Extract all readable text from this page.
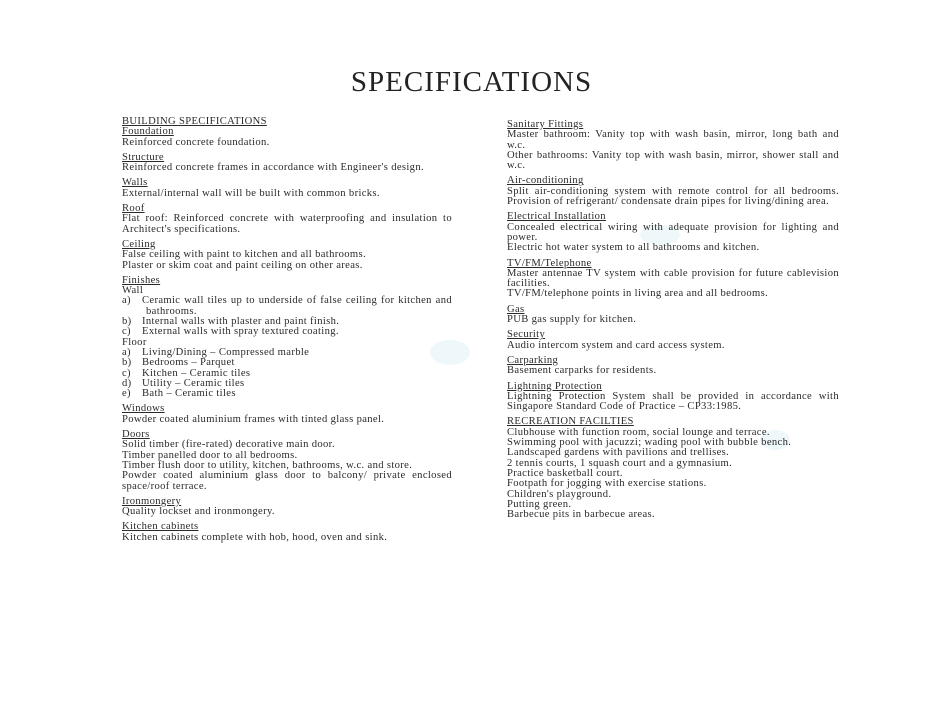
SPECIFICATIONS
BUILDING SPECIFICATIONS
Foundation
Reinforced concrete foundation.
Structure
Reinforced concrete frames in accordance with Engineer's design.
Walls
External/internal wall will be built with common bricks.
Roof
Flat roof: Reinforced concrete with waterproofing and insulation to Architect's specifications.
Ceiling
False ceiling with paint to kitchen and all bathrooms.
Plaster or skim coat and paint ceiling on other areas.
Finishes
Wall
a) Ceramic wall tiles up to underside of false ceiling for kitchen and bathrooms.
b) Internal walls with plaster and paint finish.
c) External walls with spray textured coating.
Floor
a) Living/Dining – Compressed marble
b) Bedrooms – Parquet
c) Kitchen – Ceramic tiles
d) Utility – Ceramic tiles
e) Bath – Ceramic tiles
Windows
Powder coated aluminium frames with tinted glass panel.
Doors
Solid timber (fire-rated) decorative main door.
Timber panelled door to all bedrooms.
Timber flush door to utility, kitchen, bathrooms, w.c. and store.
Powder coated aluminium glass door to balcony/ private enclosed space/roof terrace.
Ironmongery
Quality lockset and ironmongery.
Kitchen cabinets
Kitchen cabinets complete with hob, hood, oven and sink.
Sanitary Fittings
Master bathroom: Vanity top with wash basin, mirror, long bath and w.c.
Other bathrooms: Vanity top with wash basin, mirror, shower stall and w.c.
Air-conditioning
Split air-conditioning system with remote control for all bedrooms. Provision of refrigerant/ condensate drain pipes for living/dining area.
Electrical Installation
Concealed electrical wiring with adequate provision for lighting and power.
Electric hot water system to all bathrooms and kitchen.
TV/FM/Telephone
Master antennae TV system with cable provision for future cablevision facilities.
TV/FM/telephone points in living area and all bedrooms.
Gas
PUB gas supply for kitchen.
Security
Audio intercom system and card access system.
Carparking
Basement carparks for residents.
Lightning Protection
Lightning Protection System shall be provided in accordance with Singapore Standard Code of Practice – CP33:1985.
RECREATION FACILTIES
Clubhouse with function room, social lounge and terrace.
Swimming pool with jacuzzi; wading pool with bubble bench.
Landscaped gardens with pavilions and trellises.
2 tennis courts, 1 squash court and a gymnasium.
Practice basketball court.
Footpath for jogging with exercise stations.
Children's playground.
Putting green.
Barbecue pits in barbecue areas.
